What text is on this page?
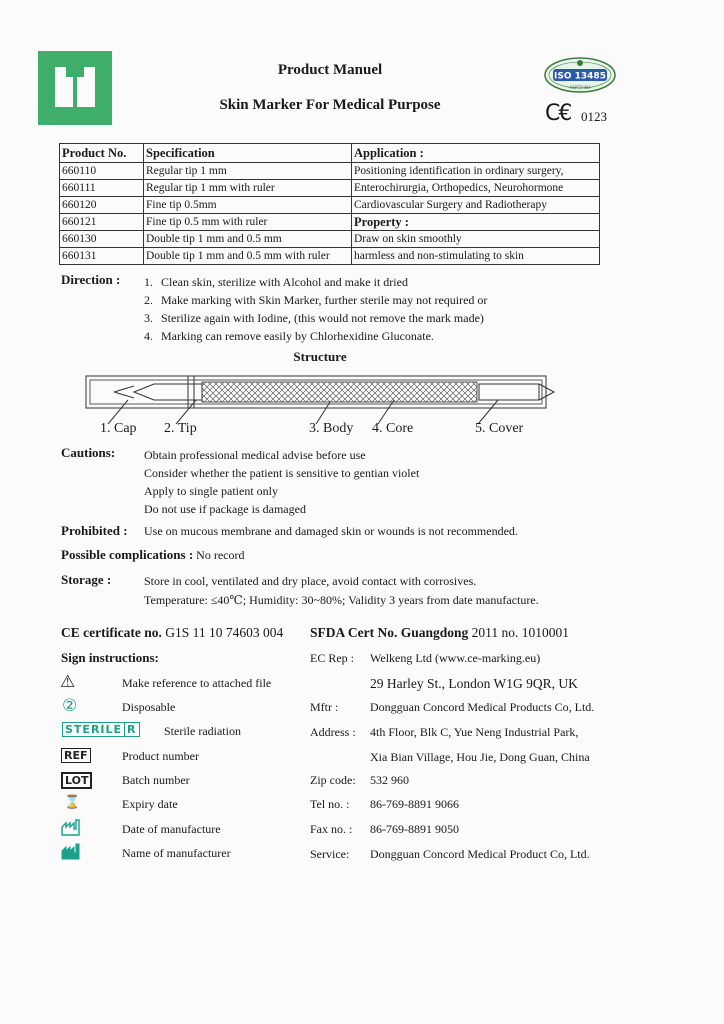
Product Manuel
Skin Marker For Medical Purpose
ISO 13485
CERTIFIED
C€ 0123
Product No.	Specification	Application :
660110	Regular tip 1 mm	Positioning identification in ordinary surgery,
660111	Regular tip 1 mm with ruler	Enterochirurgia, Orthopedics, Neurohormone
660120	Fine tip 0.5mm	Cardiovascular Surgery and Radiotherapy
660121	Fine tip 0.5 mm with ruler	Property :
660130	Double tip 1 mm and 0.5 mm	Draw on skin smoothly
660131	Double tip 1 mm and 0.5 mm with ruler	harmless and non-stimulating to skin
Direction : 1. Clean skin, sterilize with Alcohol and make it dried
2. Make marking with Skin Marker, further sterile may not required or
3. Sterilize again with Iodine, (this would not remove the mark made)
4. Marking can remove easily by Chlorhexidine Gluconate.
Structure
1. Cap 2. Tip	3. Body 4. Core	5. Cover
Cautions: Obtain professional medical advise before use
Consider whether the patient is sensitive to gentian violet
Apply to single patient only
Do not use if package is damaged
Prohibited : Use on mucous membrane and damaged skin or wounds is not recommended.
Possible complications : No record
Storage :	Store in cool, ventilated and dry place, avoid contact with corrosives.
Temperature: ≤40℃; Humidity: 30~80%; Validity 3 years from date manufacture.
CE certificate no. G1S 11 10 74603 004 SFDA Cert No. Guangdong 2011 no. 1010001
Sign instructions:
⚠	Make reference to attached file
②	Disposable
STERILE R Sterile radiation
REF	Product number
LOT	Batch number
⌛	Expiry date
Date of manufacture
Name of manufacturer
EC Rep : Welkeng Ltd (www.ce-marking.eu)
29 Harley St., London W1G 9QR, UK
Mftr :	Dongguan Concord Medical Products Co, Ltd.
Address : 4th Floor, Blk C, Yue Neng Industrial Park,
Xia Bian Village, Hou Jie, Dong Guan, China
Zip code: 532 960
Tel no. : 86-769-8891 9066
Fax no. : 86-769-8891 9050
Service: Dongguan Concord Medical Product Co, Ltd.
